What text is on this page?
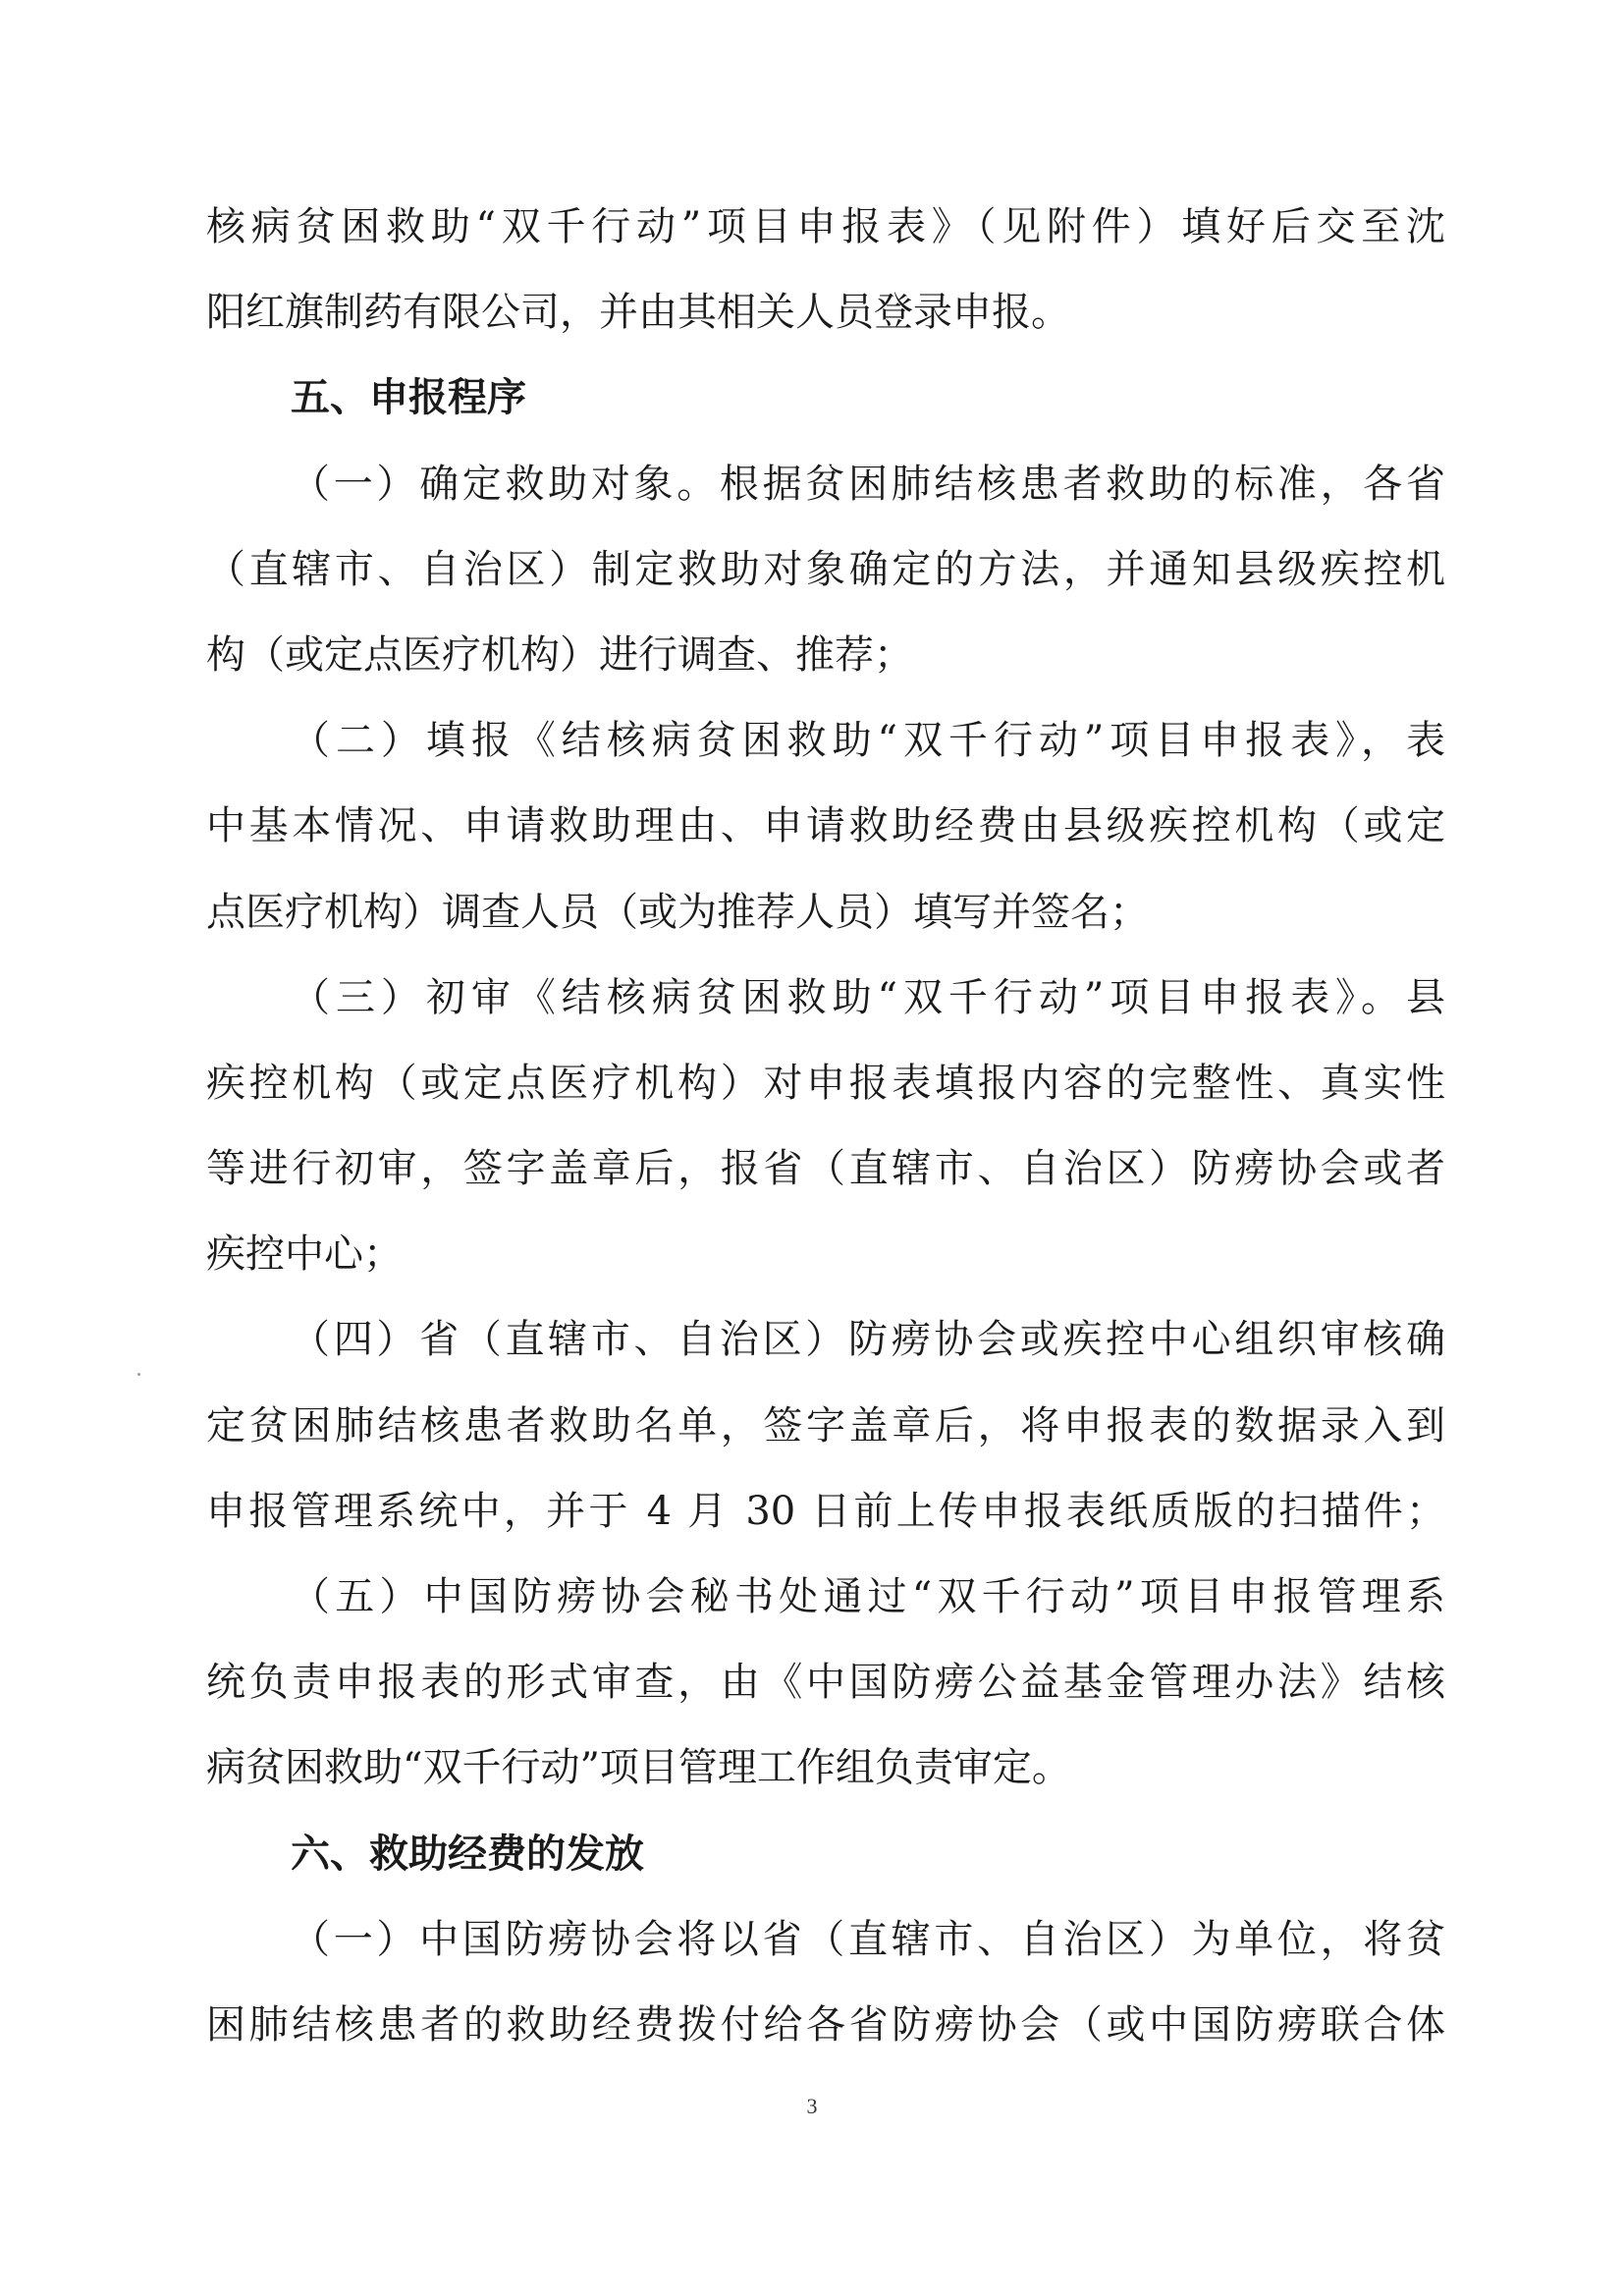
核病贫困救助“双千行动”项目申报表》（见附件）填好后交至沈
阳红旗制药有限公司，并由其相关人员登录申报。
五、申报程序
（一）确定救助对象。根据贫困肺结核患者救助的标准，各省
（直辖市、自治区）制定救助对象确定的方法，并通知县级疾控机
构（或定点医疗机构）进行调查、推荐；
（二）填报《结核病贫困救助“双千行动”项目申报表》，表
中基本情况、申请救助理由、申请救助经费由县级疾控机构（或定
点医疗机构）调查人员（或为推荐人员）填写并签名；
（三）初审《结核病贫困救助“双千行动”项目申报表》。县
疾控机构（或定点医疗机构）对申报表填报内容的完整性、真实性
等进行初审，签字盖章后，报省（直辖市、自治区）防痨协会或者
疾控中心；
（四）省（直辖市、自治区）防痨协会或疾控中心组织审核确
定贫困肺结核患者救助名单，签字盖章后，将申报表的数据录入到
申报管理系统中，并于 4 月 30 日前上传申报表纸质版的扫描件；
（五）中国防痨协会秘书处通过“双千行动”项目申报管理系
统负责申报表的形式审查，由《中国防痨公益基金管理办法》结核
病贫困救助“双千行动”项目管理工作组负责审定。
六、救助经费的发放
（一）中国防痨协会将以省（直辖市、自治区）为单位，将贫
困肺结核患者的救助经费拨付给各省防痨协会（或中国防痨联合体
3
